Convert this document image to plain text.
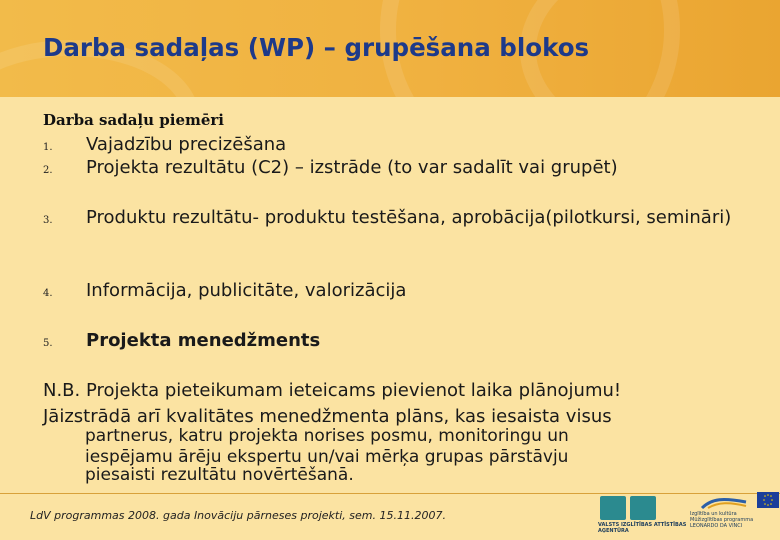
Darba sadaļas (WP) – grupēšana blokos
Darba sadaļu piemēri
1. Vajadzību precizēšana
2. Projekta rezultātu (C2) – izstrāde (to var sadalīt vai grupēt)
3. Produktu rezultātu- produktu testēšana, aprobācija(pilotkursi, semināri)
4. Informācija, publicitāte, valorizācija
5. Projekta menedžments
N.B. Projekta pieteikumam ieteicams pievienot laika plānojumu!
Jāizstrādā arī kvalitātes menedžmenta plāns, kas iesaista visus
partnerus, katru projekta norises posmu, monitoringu un
iespējamu ārēju ekspertu un/vai mērķa grupas pārstāvju
piesaisti rezultātu novērtēšanā.
LdV programmas 2008. gada Inovāciju pārneses projekti, sem. 15.11.2007.
VALSTS IZGLĪTĪBAS ATTĪSTĪBAS AĢENTŪRA
Izglītība un kultūra Mūžizglītības programma LEONARDO DA VINCI
